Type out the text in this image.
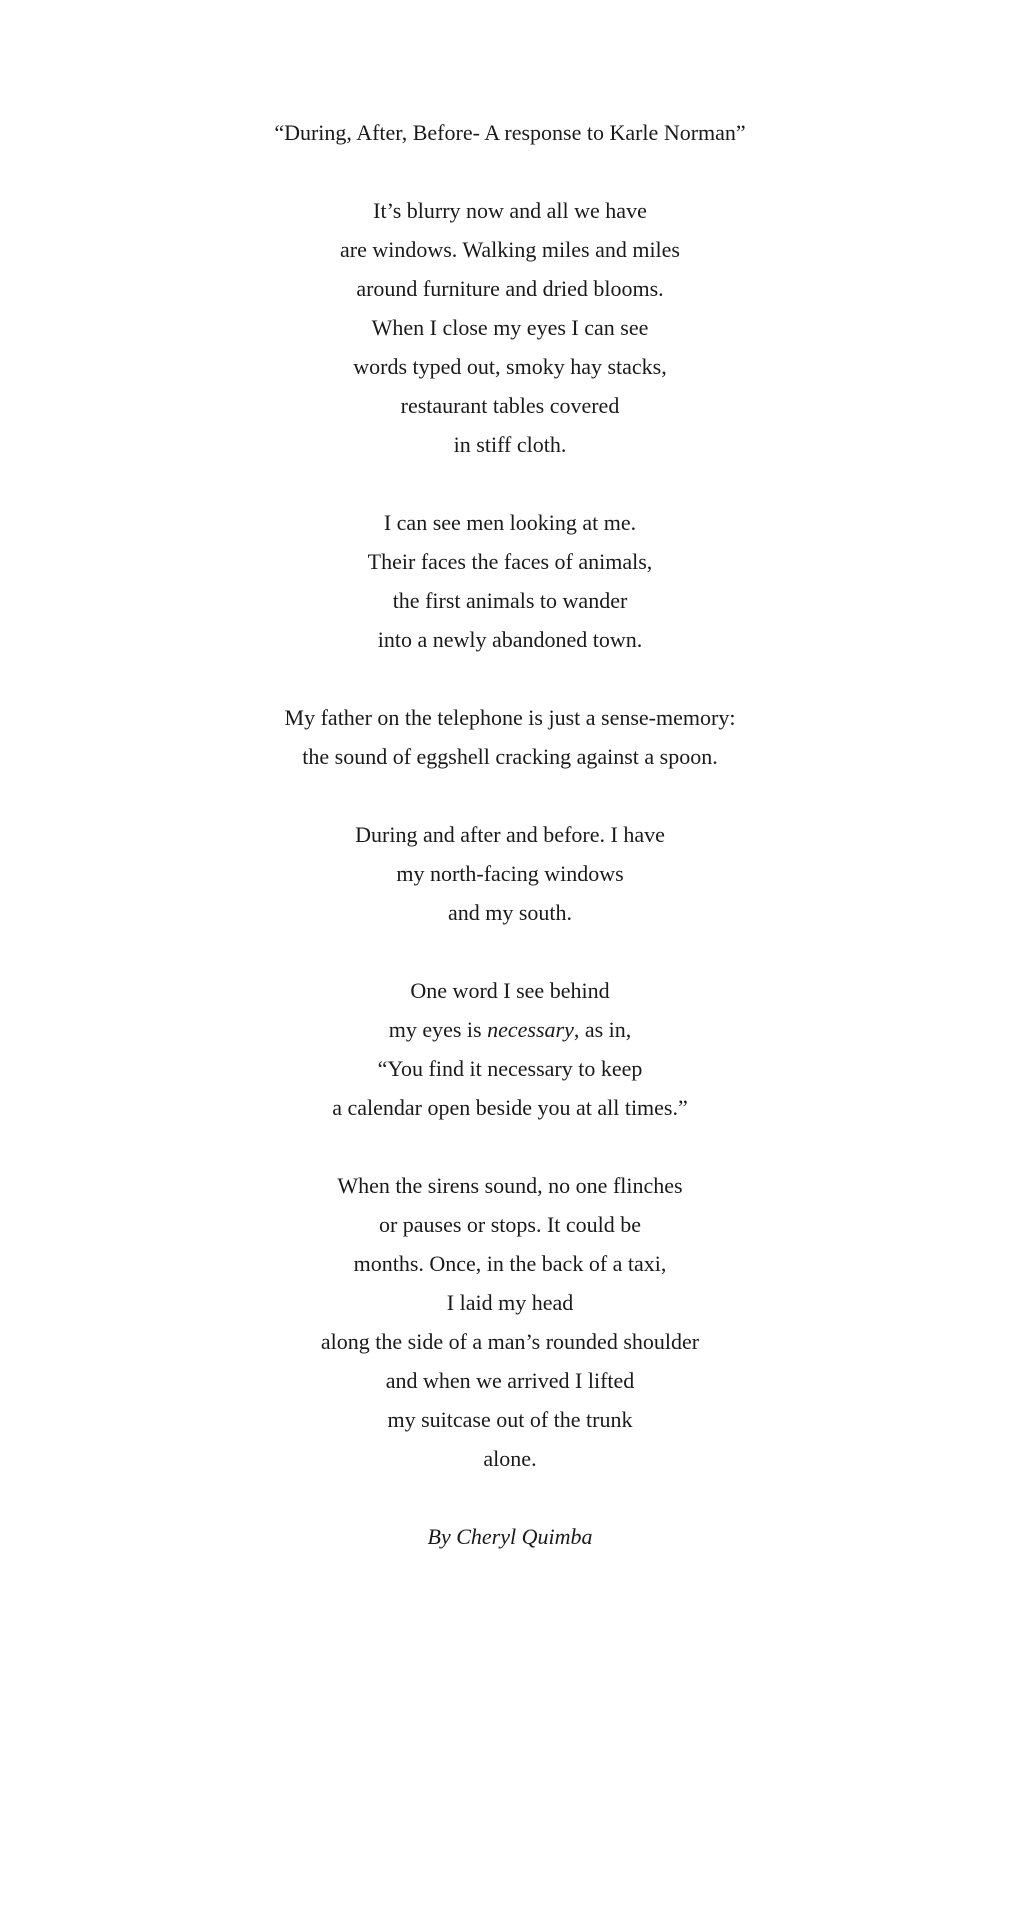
“During, After, Before- A response to Karle Norman”

It’s blurry now and all we have

are windows. Walking miles and miles

around furniture and dried blooms.

When I close my eyes I can see

words typed out, smoky hay stacks,

restaurant tables covered

in stiff cloth.

I can see men looking at me.

Their faces the faces of animals,

the first animals to wander

into a newly abandoned town.

My father on the telephone is just a sense-memory:

the sound of eggshell cracking against a spoon.

During and after and before. I have

my north-facing windows

and my south.

One word I see behind

my eyes is necessary, as in,

“You find it necessary to keep

a calendar open beside you at all times.”

When the sirens sound, no one flinches

or pauses or stops. It could be

months. Once, in the back of a taxi,

I laid my head

along the side of a man’s rounded shoulder

and when we arrived I lifted

my suitcase out of the trunk

alone.

By Cheryl Quimba
